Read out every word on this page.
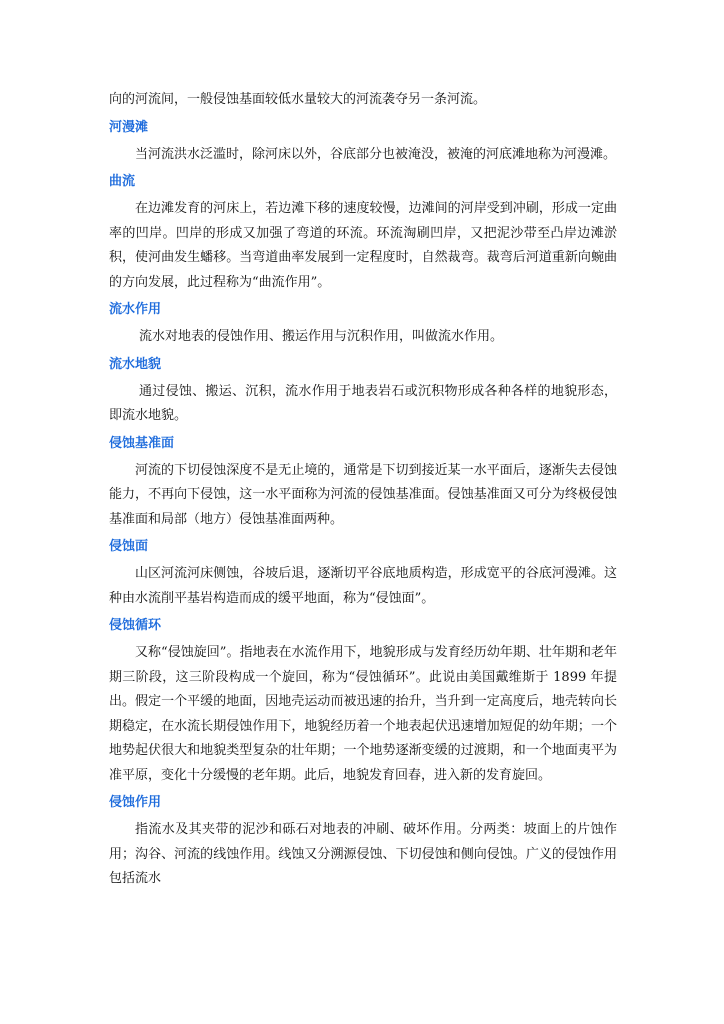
向的河流间，一般侵蚀基面较低水量较大的河流袭夺另一条河流。

河漫滩

当河流洪水泛滥时，除河床以外，谷底部分也被淹没，被淹的河底滩地称为河漫滩。

曲流

在边滩发育的河床上，若边滩下移的速度较慢，边滩间的河岸受到冲刷，形成一定曲率的凹岸。凹岸的形成又加强了弯道的环流。环流淘刷凹岸，又把泥沙带至凸岸边滩淤积，使河曲发生蟠移。当弯道曲率发展到一定程度时，自然裁弯。裁弯后河道重新向蜿曲的方向发展，此过程称为“曲流作用”。

流水作用

流水对地表的侵蚀作用、搬运作用与沉积作用，叫做流水作用。

流水地貌

通过侵蚀、搬运、沉积，流水作用于地表岩石或沉积物形成各种各样的地貌形态，即流水地貌。

侵蚀基准面

河流的下切侵蚀深度不是无止境的，通常是下切到接近某一水平面后，逐渐失去侵蚀能力，不再向下侵蚀，这一水平面称为河流的侵蚀基准面。侵蚀基准面又可分为终极侵蚀基准面和局部（地方）侵蚀基准面两种。

侵蚀面

山区河流河床侧蚀，谷坡后退，逐渐切平谷底地质构造，形成宽平的谷底河漫滩。这种由水流削平基岩构造而成的缓平地面，称为“侵蚀面”。

侵蚀循环

又称“侵蚀旋回”。指地表在水流作用下，地貌形成与发育经历幼年期、壮年期和老年期三阶段，这三阶段构成一个旋回，称为“侵蚀循环”。此说由美国戴维斯于 1899 年提出。假定一个平缓的地面，因地壳运动而被迅速的抬升，当升到一定高度后，地壳转向长期稳定，在水流长期侵蚀作用下，地貌经历着一个地表起伏迅速增加短促的幼年期；一个地势起伏很大和地貌类型复杂的壮年期；一个地势逐渐变缓的过渡期，和一个地面夷平为准平原，变化十分缓慢的老年期。此后，地貌发育回春，进入新的发育旋回。

侵蚀作用

指流水及其夹带的泥沙和砾石对地表的冲刷、破坏作用。分两类：坡面上的片蚀作用；沟谷、河流的线蚀作用。线蚀又分溯源侵蚀、下切侵蚀和侧向侵蚀。广义的侵蚀作用包括流水
